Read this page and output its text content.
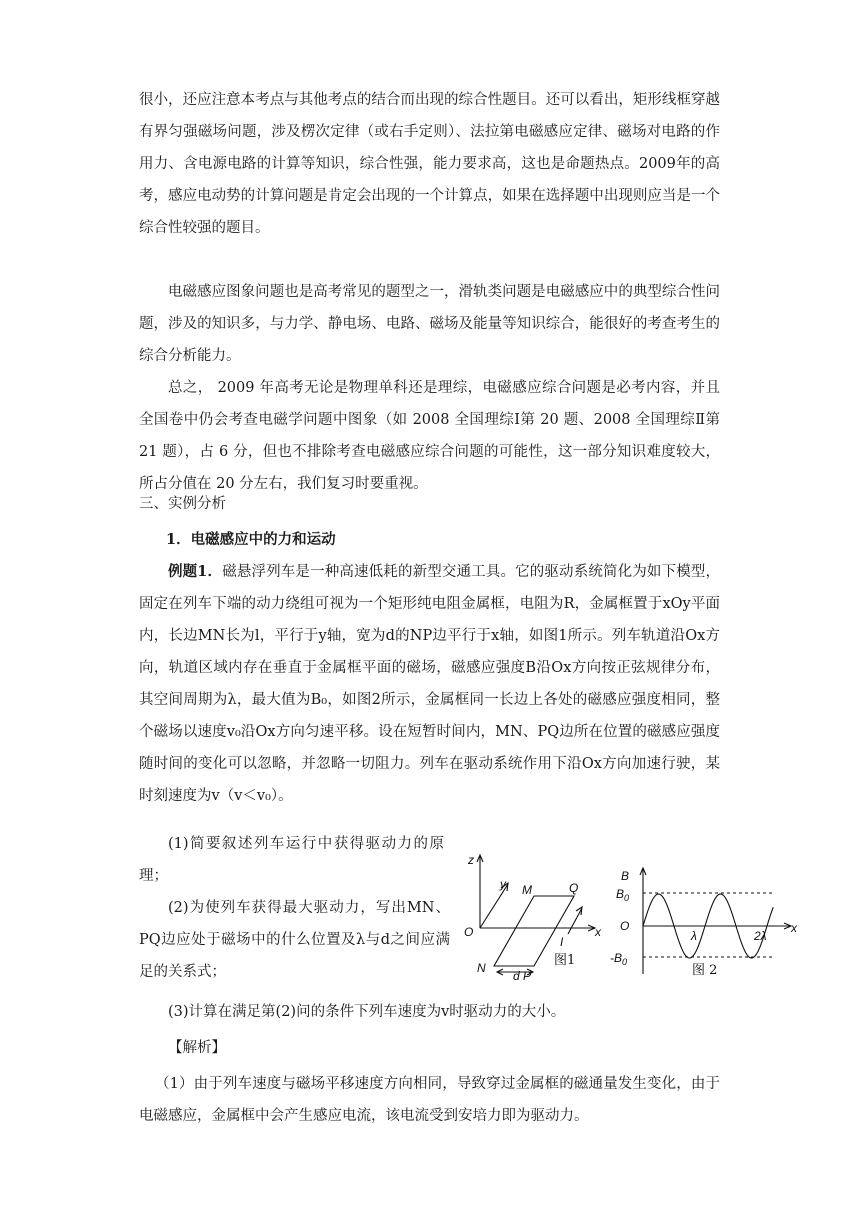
很小，还应注意本考点与其他考点的结合而出现的综合性题目。还可以看出，矩形线框穿越有界匀强磁场问题，涉及楞次定律（或右手定则）、法拉第电磁感应定律、磁场对电路的作用力、含电源电路的计算等知识，综合性强，能力要求高，这也是命题热点。2009年的高考，感应电动势的计算问题是肯定会出现的一个计算点，如果在选择题中出现则应当是一个综合性较强的题目。

电磁感应图象问题也是高考常见的题型之一，滑轨类问题是电磁感应中的典型综合性问题，涉及的知识多，与力学、静电场、电路、磁场及能量等知识综合，能很好的考查考生的综合分析能力。

总之， 2009 年高考无论是物理单科还是理综，电磁感应综合问题是必考内容，并且全国卷中仍会考查电磁学问题中图象（如 2008 全国理综Ⅰ第 20 题、2008 全国理综Ⅱ第 21 题），占 6 分，但也不排除考查电磁感应综合问题的可能性，这一部分知识难度较大，所占分值在 20 分左右，我们复习时要重视。

三、实例分析

1．电磁感应中的力和运动

例题1．磁悬浮列车是一种高速低耗的新型交通工具。它的驱动系统简化为如下模型，固定在列车下端的动力绕组可视为一个矩形纯电阻金属框，电阻为R，金属框置于xOy平面内，长边MN长为l，平行于y轴，宽为d的NP边平行于x轴，如图1所示。列车轨道沿Ox方向，轨道区域内存在垂直于金属框平面的磁场，磁感应强度B沿Ox方向按正弦规律分布，其空间周期为λ，最大值为B₀，如图2所示，金属框同一长边上各处的磁感应强度相同，整个磁场以速度v₀沿Ox方向匀速平移。设在短暂时间内，MN、PQ边所在位置的磁感应强度随时间的变化可以忽略，并忽略一切阻力。列车在驱动系统作用下沿Ox方向加速行驶，某时刻速度为v（v＜v₀）。

(1)简要叙述列车运行中获得驱动力的原理；

(2)为使列车获得最大驱动力，写出MN、PQ边应处于磁场中的什么位置及λ与d之间应满足的关系式；

(3)计算在满足第(2)问的条件下列车速度为v时驱动力的大小。

【解析】

（1）由于列车速度与磁场平移速度方向相同，导致穿过金属框的磁通量发生变化，由于电磁感应，金属框中会产生感应电流，该电流受到安培力即为驱动力。

z
y
x
O
M	Q
N
P
I
d
图1
B
$B_0$
O
$-B_0$
λ	2λ
x
图 2
